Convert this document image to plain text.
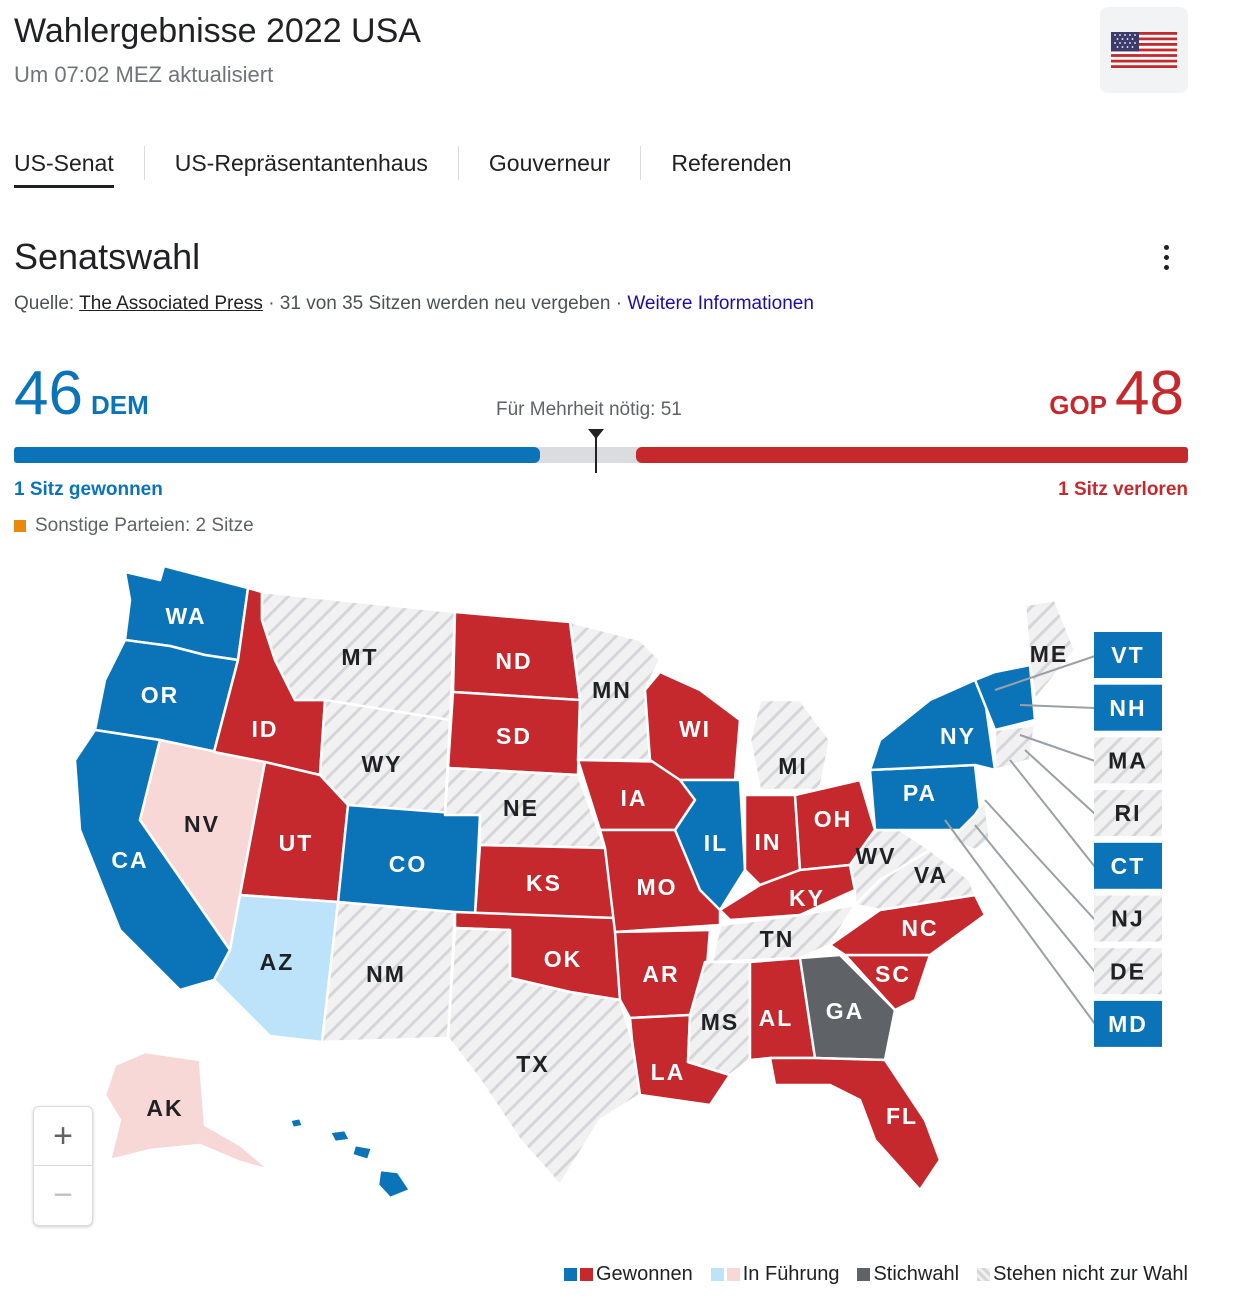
Wahlergebnisse 2022 USA
Um 07:02 MEZ aktualisiert
US-Senat	US-Repräsentantenhaus	Gouverneur	Referenden
Senatswahl
Quelle: The Associated Press · 31 von 35 Sitzen werden neu vergeben · Weitere Informationen
46 DEM	Für Mehrheit nötig: 51	GOP 48
1 Sitz gewonnen	1 Sitz verloren
Sonstige Parteien: 2 Sitze
VT
NH
MA
RI
CT
NJ
DE
MD
WA
OR
CA
NV
ID
MT
WY
UT
AZ
CO
NM
ND
SD
NE
KS
OK
TX
MN
IA
MO
AR
LA
WI
IL
MI
IN
OH
KY
TN
MS AL GA
FL
SC
NC
VA
WV
PA
NY
ME
AK
HI
+
−
Gewonnen	In Führung Stichwahl Stehen nicht zur Wahl
